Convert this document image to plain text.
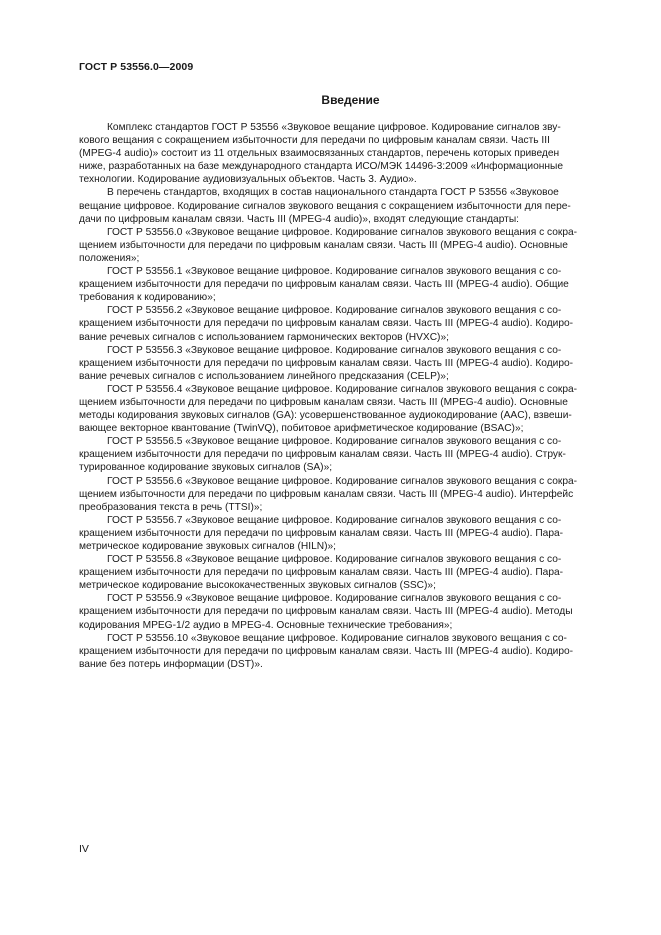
ГОСТ Р 53556.0—2009
Введение

Комплекс стандартов ГОСТ Р 53556 «Звуковое вещание цифровое. Кодирование сигналов зву-
кового вещания с сокращением избыточности для передачи по цифровым каналам связи. Часть III
(MPEG-4 audio)» состоит из 11 отдельных взаимосвязанных стандартов, перечень которых приведен
ниже, разработанных на базе международного стандарта ИСО/МЭК 14496-3:2009 «Информационные
технологии. Кодирование аудиовизуальных объектов. Часть 3. Аудио».

В перечень стандартов, входящих в состав национального стандарта ГОСТ Р 53556 «Звуковое
вещание цифровое. Кодирование сигналов звукового вещания с сокращением избыточности для пере-
дачи по цифровым каналам связи. Часть III (MPEG-4 audio)», входят следующие стандарты:

ГОСТ Р 53556.0 «Звуковое вещание цифровое. Кодирование сигналов звукового вещания с сокра-
щением избыточности для передачи по цифровым каналам связи. Часть III (MPEG-4 audio). Основные
положения»;

ГОСТ Р 53556.1 «Звуковое вещание цифровое. Кодирование сигналов звукового вещания с со-
кращением избыточности для передачи по цифровым каналам связи. Часть III (MPEG-4 audio). Общие
требования к кодированию»;

ГОСТ Р 53556.2 «Звуковое вещание цифровое. Кодирование сигналов звукового вещания с со-
кращением избыточности для передачи по цифровым каналам связи. Часть III (MPEG-4 audio). Кодиро-
вание речевых сигналов с использованием гармонических векторов (HVXC)»;

ГОСТ Р 53556.3 «Звуковое вещание цифровое. Кодирование сигналов звукового вещания с со-
кращением избыточности для передачи по цифровым каналам связи. Часть III (MPEG-4 audio). Кодиро-
вание речевых сигналов с использованием линейного предсказания (CELP)»;

ГОСТ Р 53556.4 «Звуковое вещание цифровое. Кодирование сигналов звукового вещания с сокра-
щением избыточности для передачи по цифровым каналам связи. Часть III (MPEG-4 audio). Основные
методы кодирования звуковых сигналов (GA): усовершенствованное аудиокодирование (AAC), взвеши-
вающее векторное квантование (TwinVQ), побитовое арифметическое кодирование (BSAC)»;

ГОСТ Р 53556.5 «Звуковое вещание цифровое. Кодирование сигналов звукового вещания с со-
кращением избыточности для передачи по цифровым каналам связи. Часть III (MPEG-4 audio). Струк-
турированное кодирование звуковых сигналов (SA)»;

ГОСТ Р 53556.6 «Звуковое вещание цифровое. Кодирование сигналов звукового вещания с сокра-
щением избыточности для передачи по цифровым каналам связи. Часть III (MPEG-4 audio). Интерфейс
преобразования текста в речь (TTSI)»;

ГОСТ Р 53556.7 «Звуковое вещание цифровое. Кодирование сигналов звукового вещания с со-
кращением избыточности для передачи по цифровым каналам связи. Часть III (MPEG-4 audio). Пара-
метрическое кодирование звуковых сигналов (HILN)»;

ГОСТ Р 53556.8 «Звуковое вещание цифровое. Кодирование сигналов звукового вещания с со-
кращением избыточности для передачи по цифровым каналам связи. Часть III (MPEG-4 audio). Пара-
метрическое кодирование высококачественных звуковых сигналов (SSC)»;

ГОСТ Р 53556.9 «Звуковое вещание цифровое. Кодирование сигналов звукового вещания с со-
кращением избыточности для передачи по цифровым каналам связи. Часть III (MPEG-4 audio). Методы
кодирования MPEG-1/2 аудио в MPEG-4. Основные технические требования»;

ГОСТ Р 53556.10 «Звуковое вещание цифровое. Кодирование сигналов звукового вещания с со-
кращением избыточности для передачи по цифровым каналам связи. Часть III (MPEG-4 audio). Кодиро-
вание без потерь информации (DST)».

IV
